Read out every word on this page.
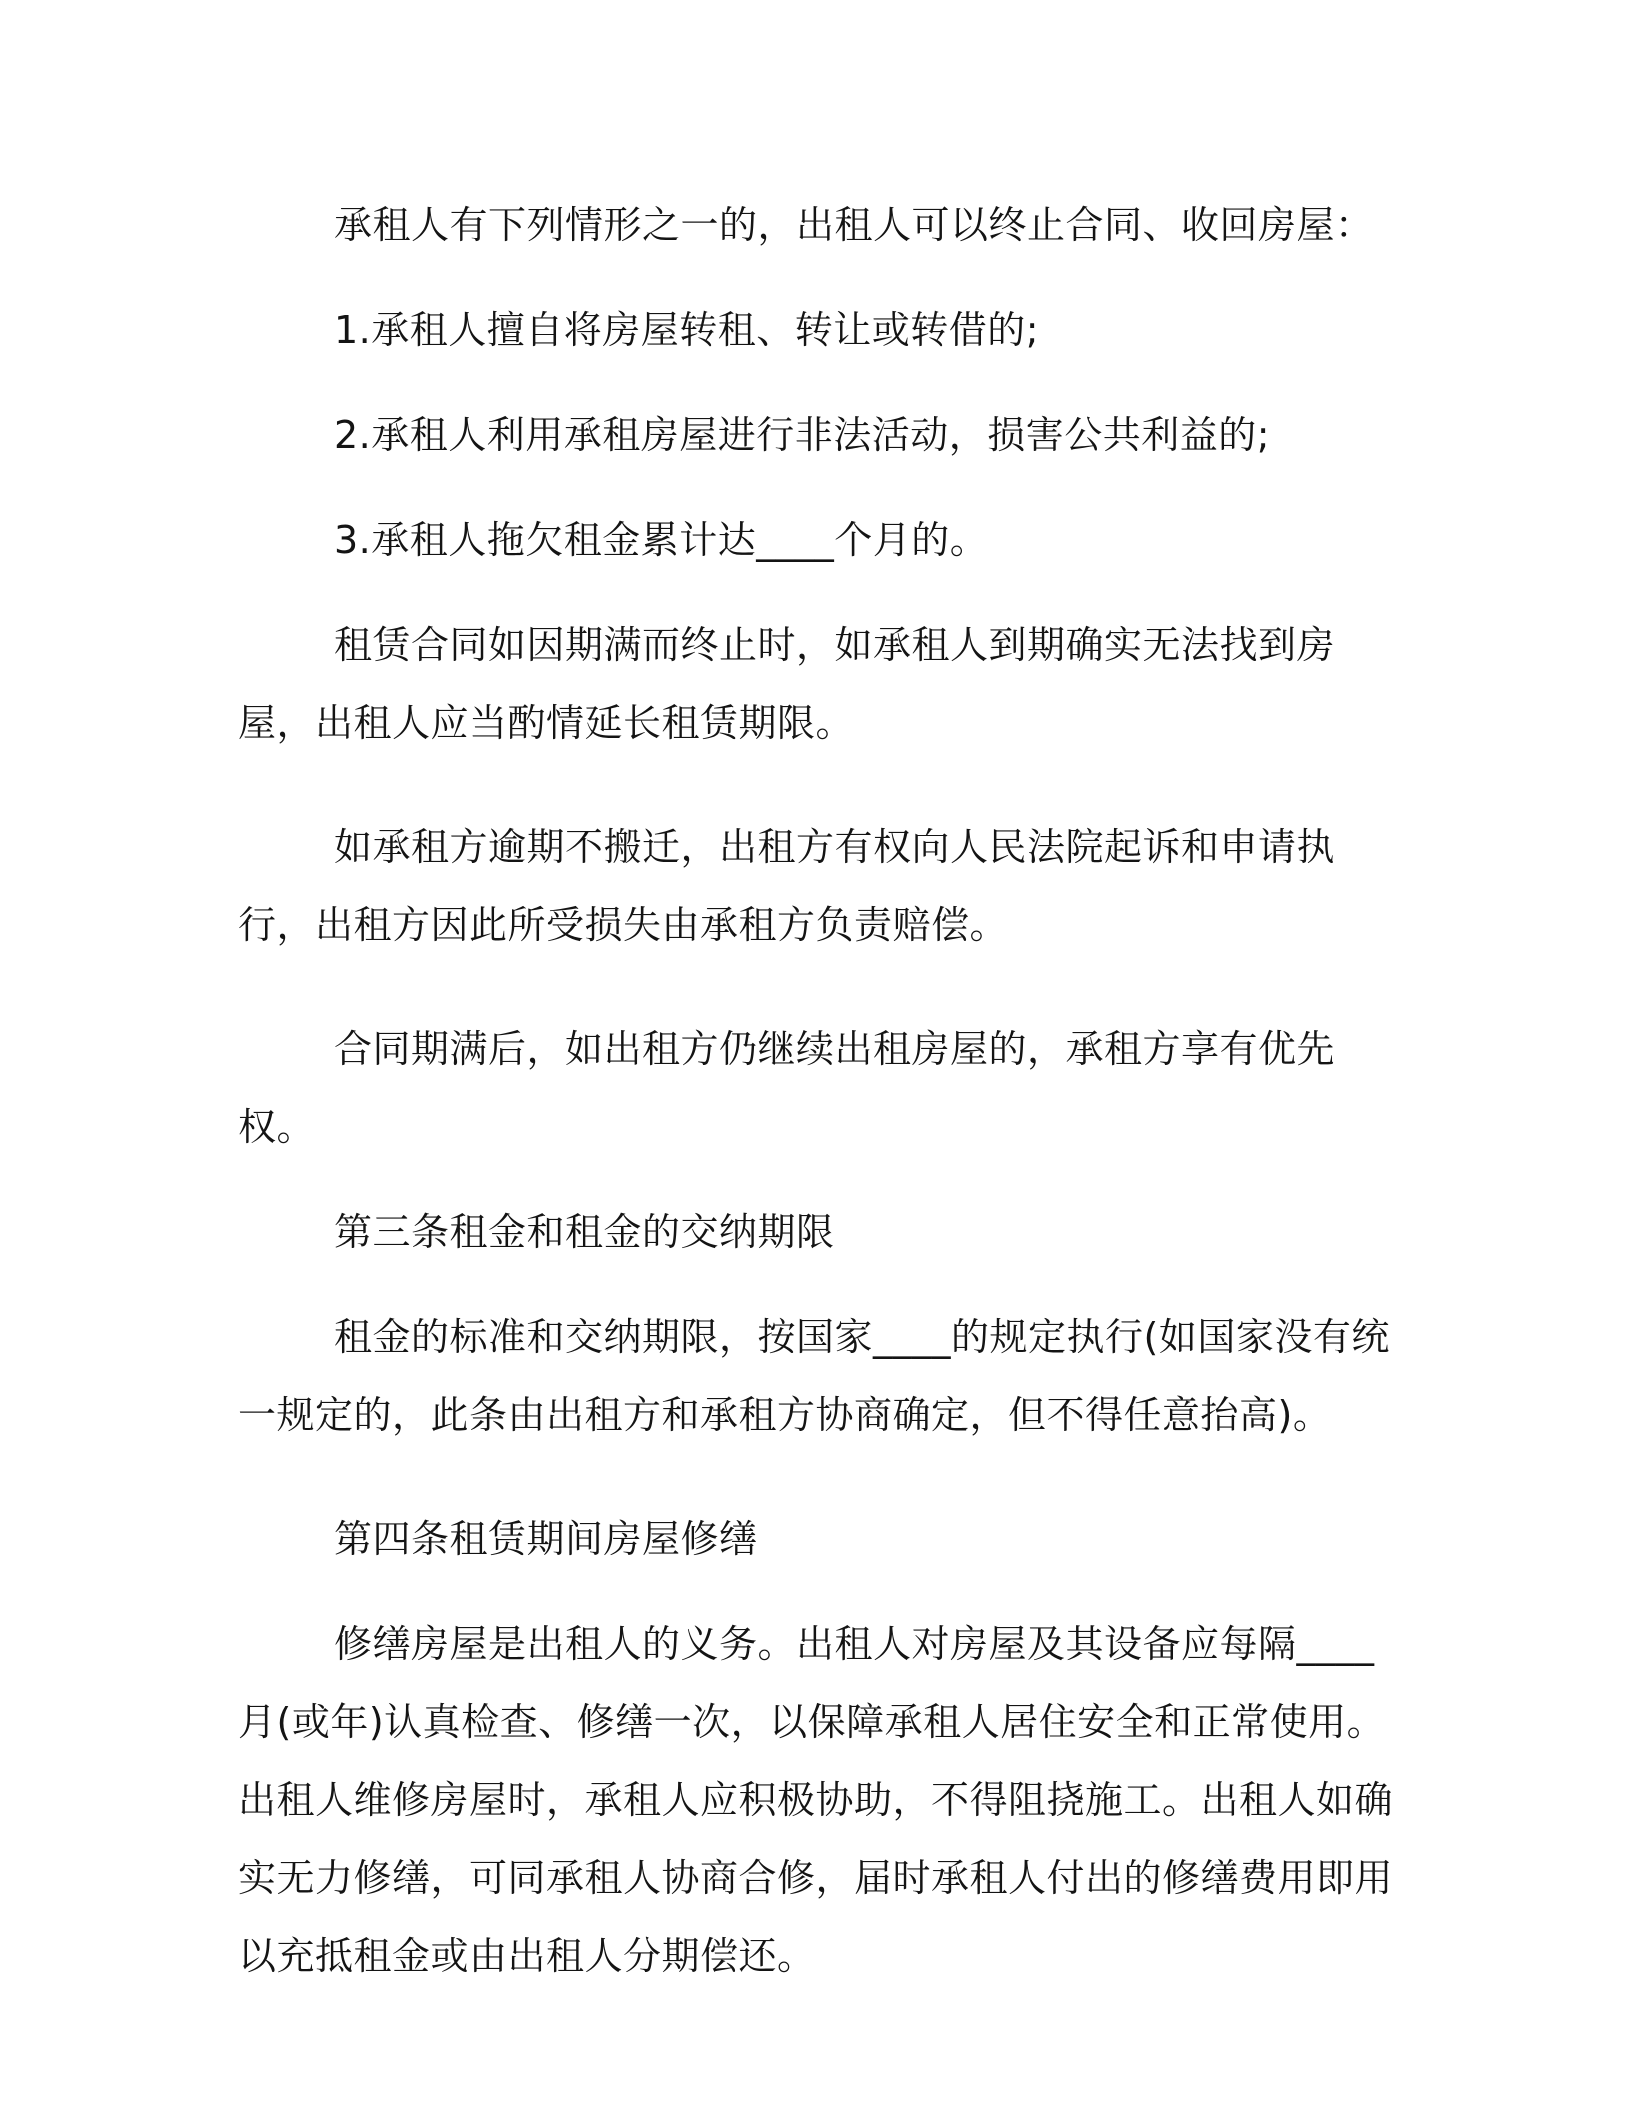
承租人有下列情形之一的，出租人可以终止合同、收回房屋：

1.承租人擅自将房屋转租、转让或转借的;

2.承租人利用承租房屋进行非法活动，损害公共利益的;

3.承租人拖欠租金累计达____个月的。

租赁合同如因期满而终止时，如承租人到期确实无法找到房屋，出租人应当酌情延长租赁期限。

如承租方逾期不搬迁，出租方有权向人民法院起诉和申请执行，出租方因此所受损失由承租方负责赔偿。

合同期满后，如出租方仍继续出租房屋的，承租方享有优先权。

第三条租金和租金的交纳期限

租金的标准和交纳期限，按国家____的规定执行(如国家没有统一规定的，此条由出租方和承租方协商确定，但不得任意抬高)。

第四条租赁期间房屋修缮

修缮房屋是出租人的义务。出租人对房屋及其设备应每隔____月(或年)认真检查、修缮一次，以保障承租人居住安全和正常使用。出租人维修房屋时，承租人应积极协助，不得阻挠施工。出租人如确实无力修缮，可同承租人协商合修，届时承租人付出的修缮费用即用以充抵租金或由出租人分期偿还。
